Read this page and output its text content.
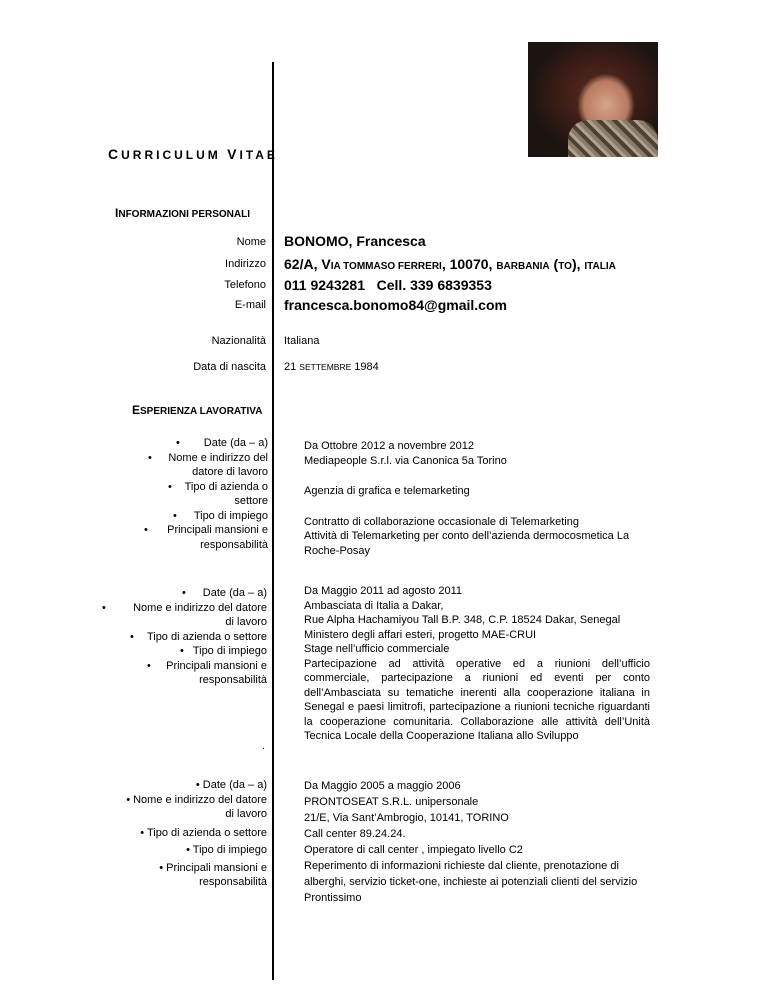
CURRICULUM VITAE
INFORMAZIONI PERSONALI
Nome BONOMO, Francesca
Indirizzo 62/A, VIA TOMMASO FERRERI, 10070, BARBANIA (TO), ITALIA
Telefono 011 9243281   Cell. 339 6839353
E-mail francesca.bonomo84@gmail.com
Nazionalità Italiana
Data di nascita 21 SETTEMBRE 1984
ESPERIENZA LAVORATIVA
• Date (da – a)
• Nome e indirizzo del datore di lavoro
• Tipo di azienda o settore
• Tipo di impiego
• Principali mansioni e responsabilità
Da Ottobre 2012 a novembre 2012
Mediapeople S.r.l. via Canonica 5a Torino
Agenzia di grafica e telemarketing
Contratto di collaborazione occasionale di Telemarketing
Attività di Telemarketing per conto dell’azienda dermocosmetica La Roche-Posay
• Date (da – a)
• Nome e indirizzo del datore di lavoro
• Tipo di azienda o settore
• Tipo di impiego
• Principali mansioni e responsabilità
Da Maggio 2011 ad agosto 2011
Ambasciata di Italia a Dakar,
Rue Alpha Hachamiyou Tall B.P. 348, C.P. 18524 Dakar, Senegal
Ministero degli affari esteri, progetto MAE-CRUI
Stage nell’ufficio commerciale
Partecipazione ad attività operative ed a riunioni dell’ufficio commerciale, partecipazione a riunioni ed eventi per conto dell’Ambasciata su tematiche inerenti alla cooperazione italiana in Senegal e paesi limitrofi, partecipazione a riunioni tecniche riguardanti la cooperazione comunitaria. Collaborazione alle attività dell’Unità Tecnica Locale della Cooperazione Italiana allo Sviluppo
.
• Date (da – a)
• Nome e indirizzo del datore di lavoro
• Tipo di azienda o settore
• Tipo di impiego
• Principali mansioni e responsabilità
Da Maggio 2005 a maggio 2006
PRONTOSEAT S.R.L. unipersonale
21/E, Via Sant’Ambrogio, 10141, TORINO
Call center 89.24.24.
Operatore di call center , impiegato livello C2
Reperimento di informazioni richieste dal cliente, prenotazione di alberghi, servizio ticket-one, inchieste ai potenziali clienti del servizio Prontissimo
